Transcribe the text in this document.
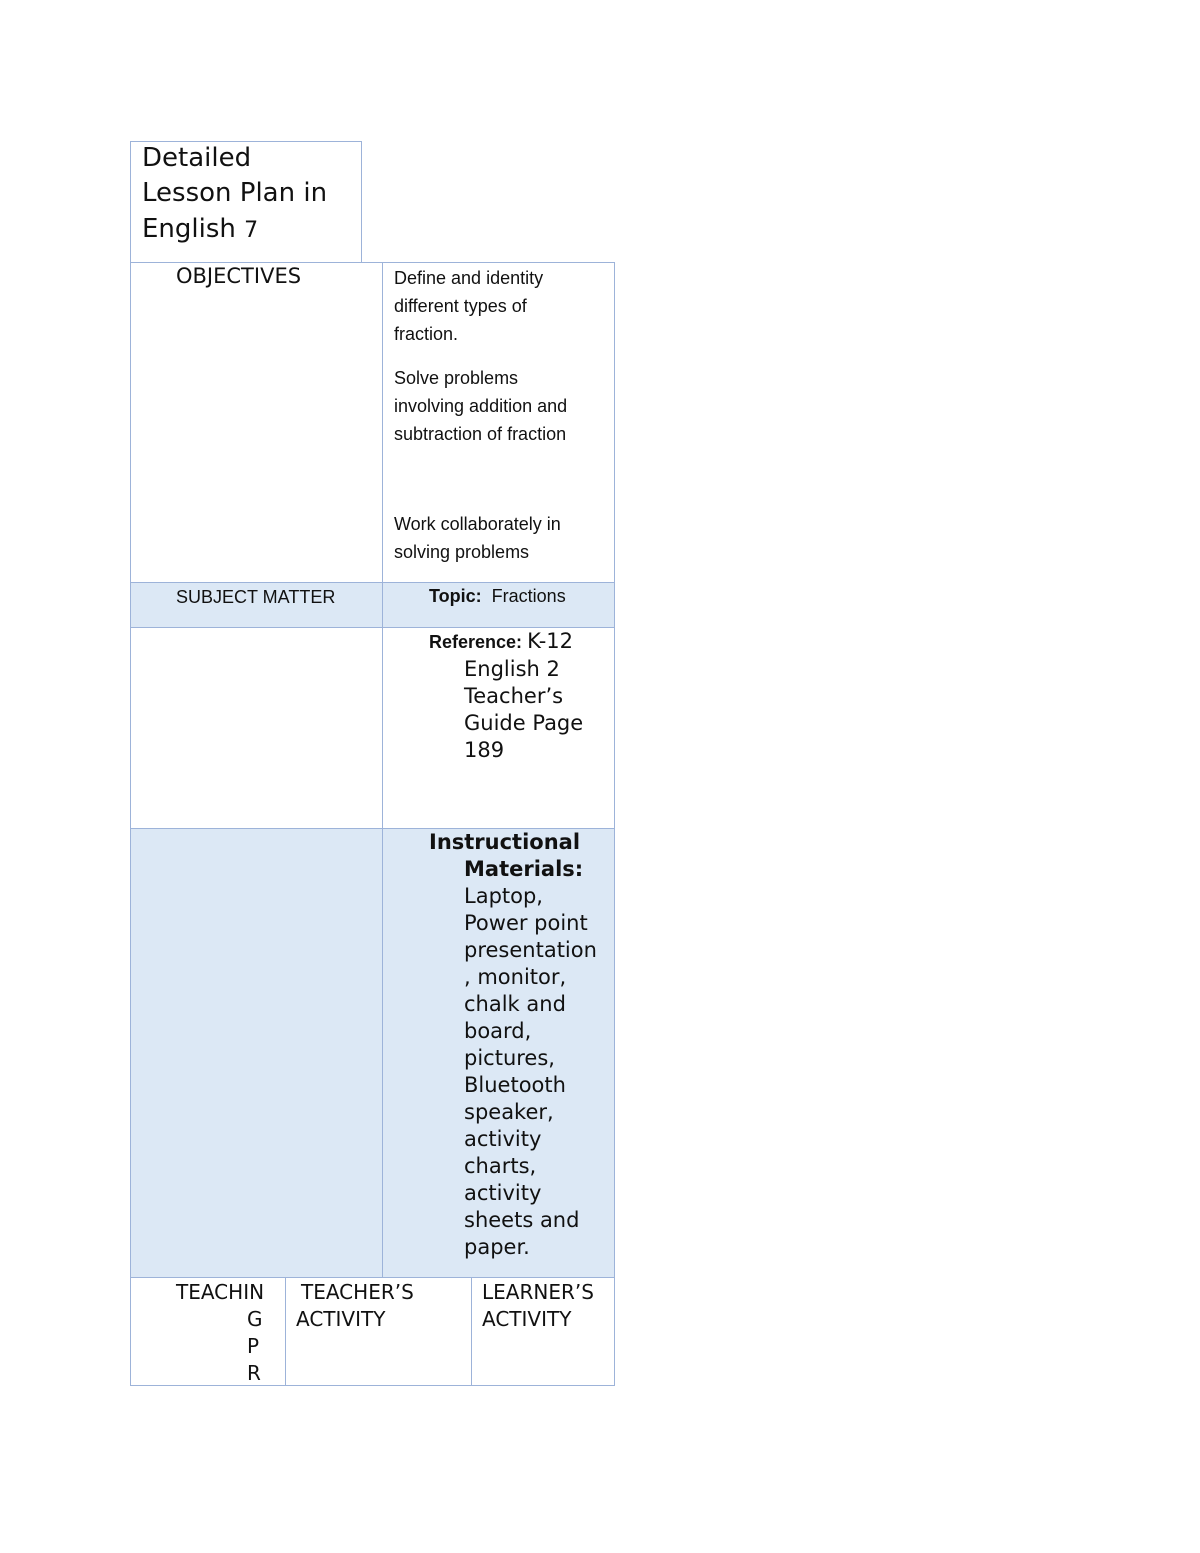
Detailed
Lesson Plan in
English 7
OBJECTIVES	Define and identity
different types of
fraction.
Solve problems
involving addition and
subtraction of fraction
Work collaborately in
solving problems
SUBJECT MATTER	Topic: Fractions
Reference: K-12
English 2
Teacher’s
Guide Page
189
Instructional
Materials:
Laptop,
Power point
presentation
, monitor,
chalk and
board,
pictures,
Bluetooth
speaker,
activity
charts,
activity
sheets and
paper.
TEACHIN
G
P
R
TEACHER’S
ACTIVITY
LEARNER’S
ACTIVITY
